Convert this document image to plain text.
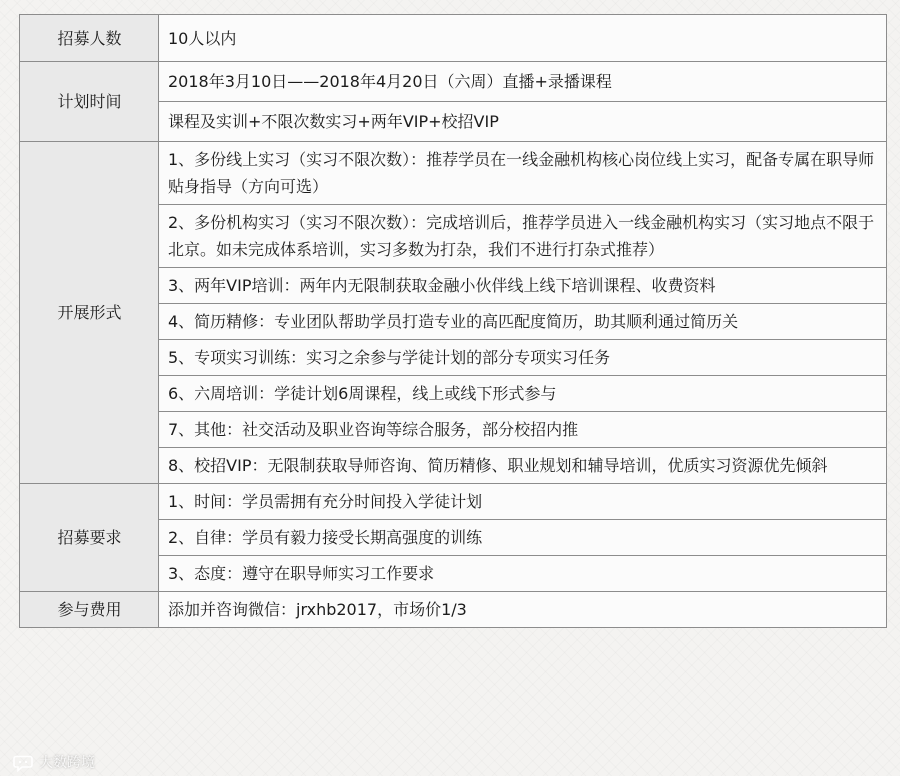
招募人数	10人以内
计划时间	2018年3月10日——2018年4月20日（六周）直播+录播课程
	课程及实训+不限次数实习+两年VIP+校招VIP
开展形式	1、多份线上实习（实习不限次数）：推荐学员在一线金融机构核心岗位线上实习，配备专属在职导师贴身指导（方向可选）
	2、多份机构实习（实习不限次数）：完成培训后，推荐学员进入一线金融机构实习（实习地点不限于北京。如未完成体系培训，实习多数为打杂，我们不进行打杂式推荐）
	3、两年VIP培训：两年内无限制获取金融小伙伴线上线下培训课程、收费资料
	4、简历精修：专业团队帮助学员打造专业的高匹配度简历，助其顺利通过简历关
	5、专项实习训练：实习之余参与学徒计划的部分专项实习任务
	6、六周培训：学徒计划6周课程，线上或线下形式参与
	7、其他：社交活动及职业咨询等综合服务，部分校招内推
	8、校招VIP：无限制获取导师咨询、简历精修、职业规划和辅导培训，优质实习资源优先倾斜
招募要求	1、时间：学员需拥有充分时间投入学徒计划
	2、自律：学员有毅力接受长期高强度的训练
	3、态度：遵守在职导师实习工作要求
参与费用	添加并咨询微信：jrxhb2017，市场价1/3
大数跨境
